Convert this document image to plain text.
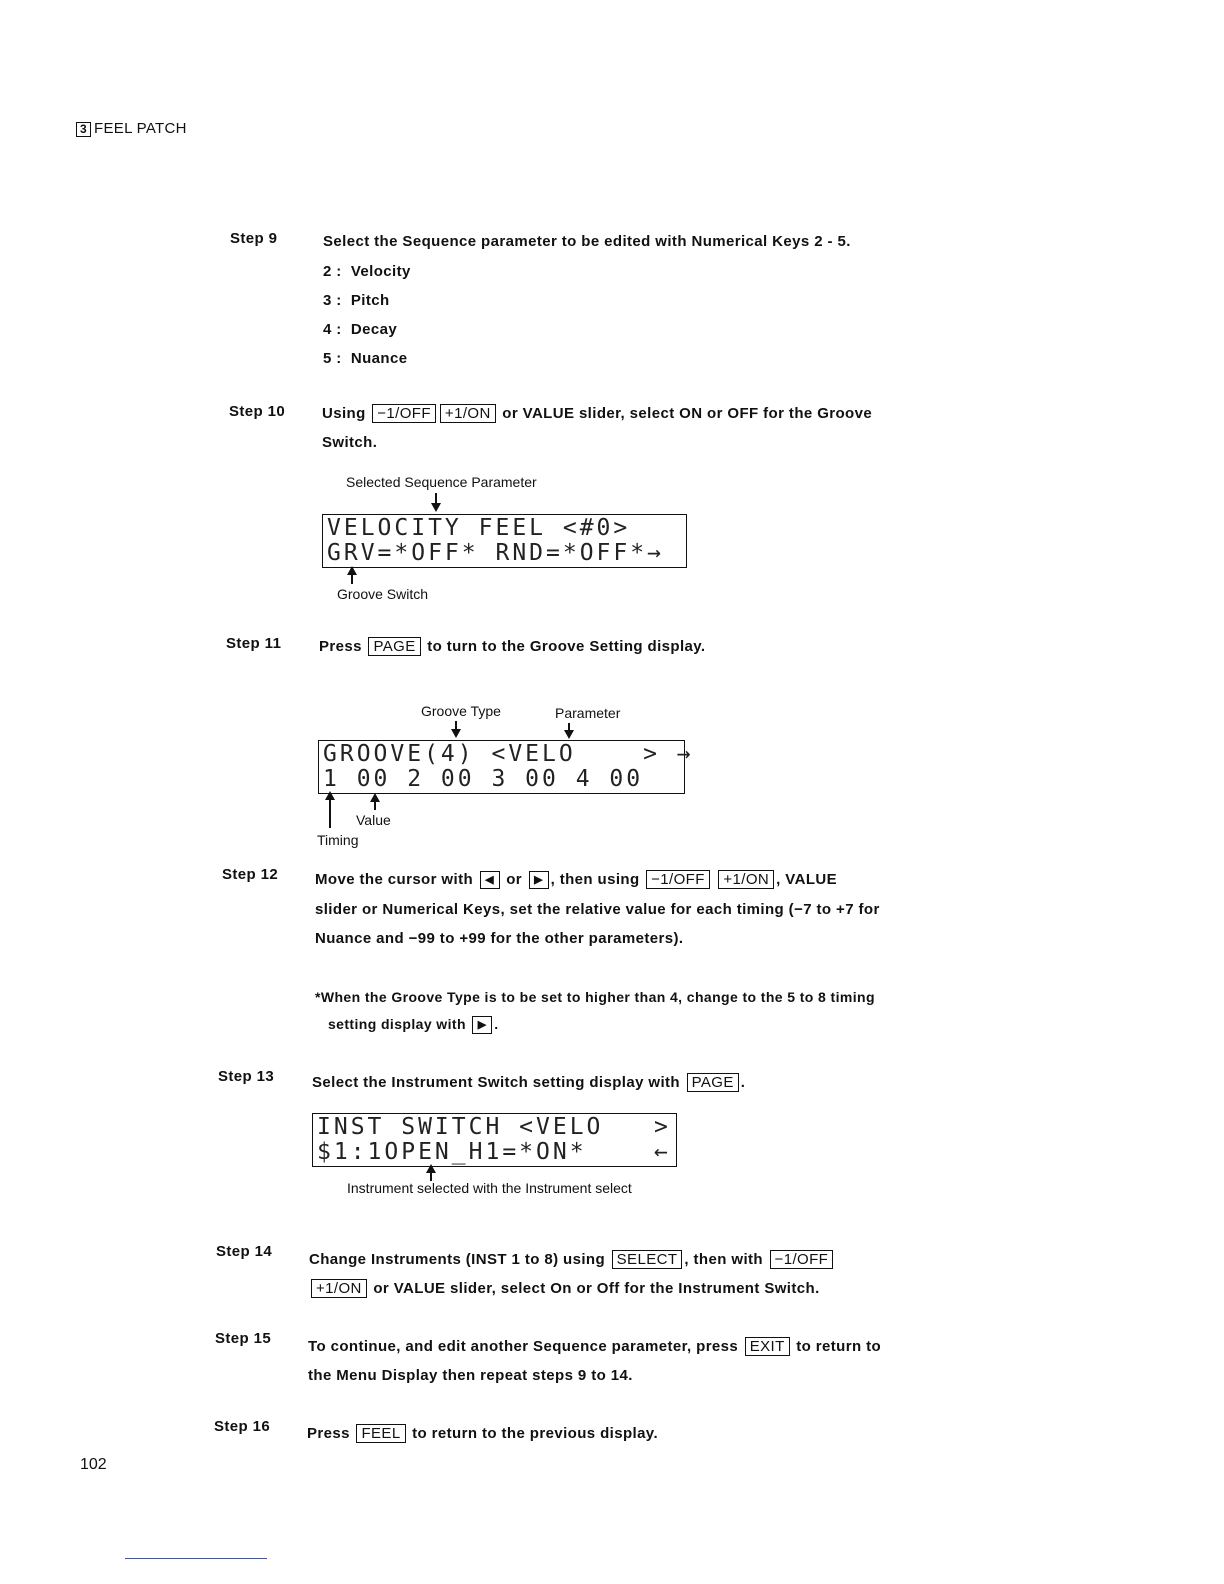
3 FEEL PATCH
Step 9	Select the Sequence parameter to be edited with Numerical Keys 2 - 5.
2 : Velocity
3 : Pitch
4 : Decay
5 : Nuance
Step 10 Using −1/OFF +1/ON or VALUE slider, select ON or OFF for the Groove
Switch.
Selected Sequence Parameter
VELOCITY FEEL <#0>
GRV=*OFF* RND=*OFF*→
Groove Switch
Step 11	Press PAGE to turn to the Groove Setting display.
Groove Type	Parameter
GROOVE(4) <VELO    > →
1 00 2 00 3 00 4 00
Value
Timing
Step 12 Move the cursor with ◀ or ▶ , then using −1/OFF +1/ON , VALUE
slider or Numerical Keys, set the relative value for each timing (−7 to +7 for
Nuance and −99 to +99 for the other parameters).
*When the Groove Type is to be set to higher than 4, change to the 5 to 8 timing
setting display with ▶ .
Step 13	Select the Instrument Switch setting display with PAGE .
INST SWITCH <VELO   >
$1:1OPEN_H1=*ON*    ←
Instrument selected with the Instrument select
Step 14 Change Instruments (INST 1 to 8) using SELECT , then with −1/OFF
+1/ON or VALUE slider, select On or Off for the Instrument Switch.
Step 15 To continue, and edit another Sequence parameter, press EXIT to return to
the Menu Display then repeat steps 9 to 14.
Step 16 Press FEEL to return to the previous display.
102
